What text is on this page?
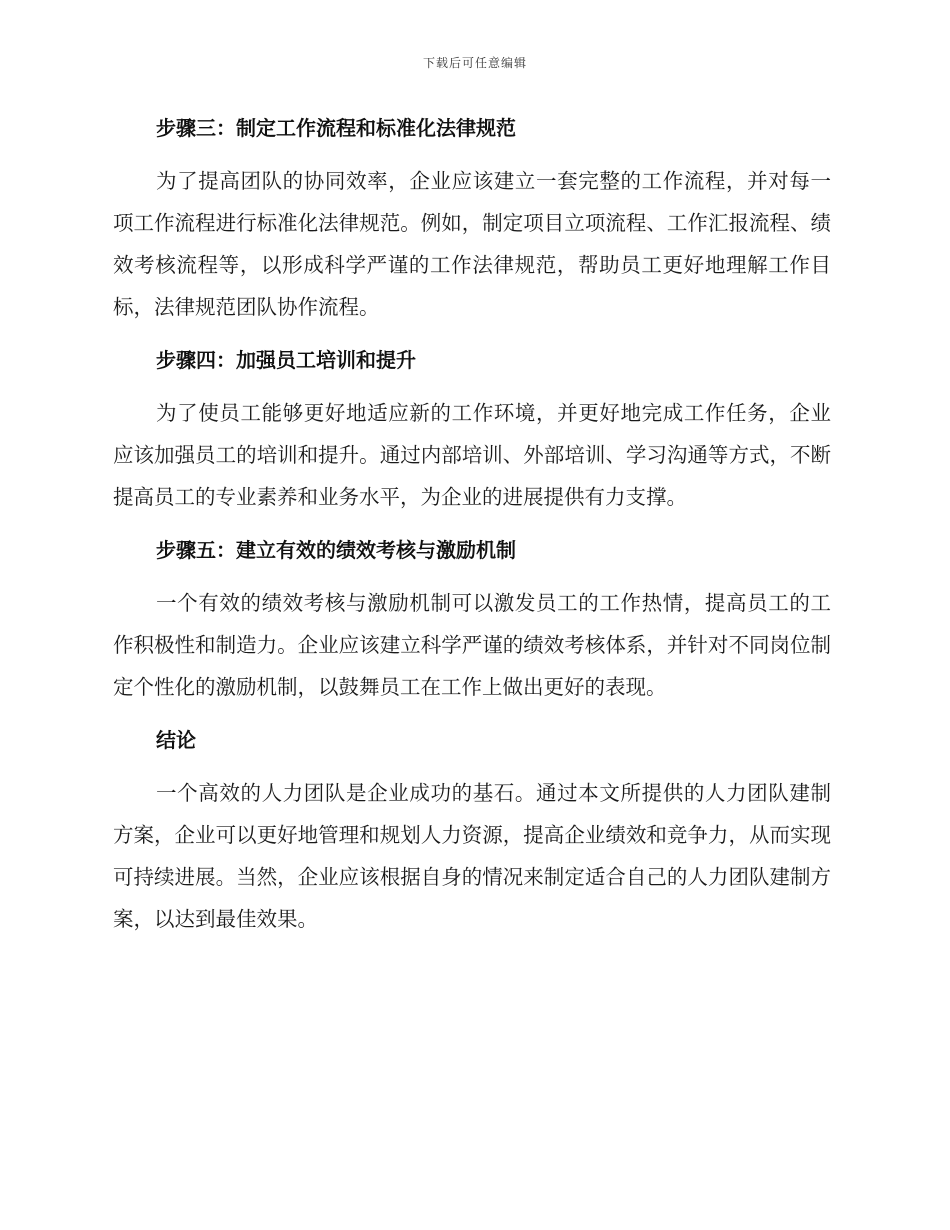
下载后可任意编辑
步骤三：制定工作流程和标准化法律规范

为了提高团队的协同效率，企业应该建立一套完整的工作流程，并对每一项工作流程进行标准化法律规范。例如，制定项目立项流程、工作汇报流程、绩效考核流程等，以形成科学严谨的工作法律规范，帮助员工更好地理解工作目标，法律规范团队协作流程。

步骤四：加强员工培训和提升

为了使员工能够更好地适应新的工作环境，并更好地完成工作任务，企业应该加强员工的培训和提升。通过内部培训、外部培训、学习沟通等方式，不断提高员工的专业素养和业务水平，为企业的进展提供有力支撑。

步骤五：建立有效的绩效考核与激励机制

一个有效的绩效考核与激励机制可以激发员工的工作热情，提高员工的工作积极性和制造力。企业应该建立科学严谨的绩效考核体系，并针对不同岗位制定个性化的激励机制，以鼓舞员工在工作上做出更好的表现。

结论

一个高效的人力团队是企业成功的基石。通过本文所提供的人力团队建制方案，企业可以更好地管理和规划人力资源，提高企业绩效和竞争力，从而实现可持续进展。当然，企业应该根据自身的情况来制定适合自己的人力团队建制方案，以达到最佳效果。
